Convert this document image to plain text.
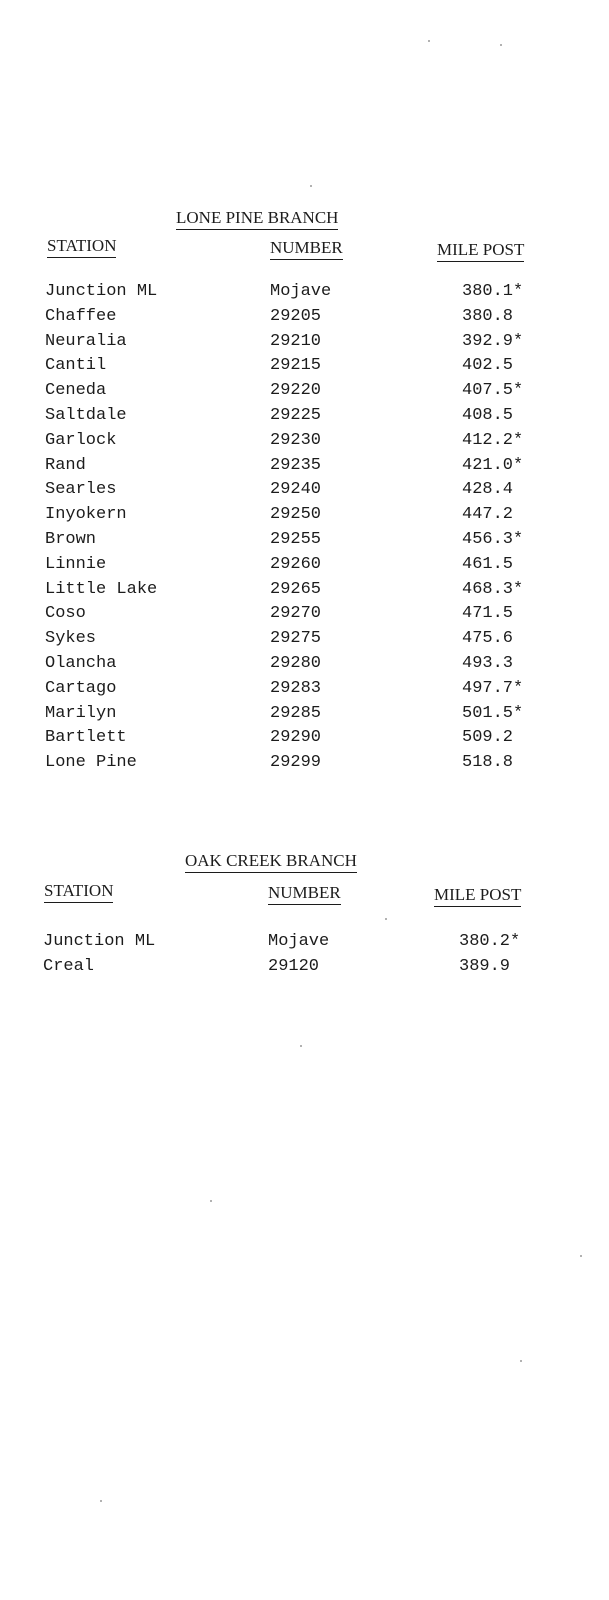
LONE PINE BRANCH
STATION	NUMBER	MILE POST
Junction ML	Mojave	380.1*
Chaffee	29205	380.8
Neuralia	29210	392.9*
Cantil	29215	402.5
Ceneda	29220	407.5*
Saltdale	29225	408.5
Garlock	29230	412.2*
Rand	29235	421.0*
Searles	29240	428.4
Inyokern	29250	447.2
Brown	29255	456.3*
Linnie	29260	461.5
Little Lake	29265	468.3*
Coso	29270	471.5
Sykes	29275	475.6
Olancha	29280	493.3
Cartago	29283	497.7*
Marilyn	29285	501.5*
Bartlett	29290	509.2
Lone Pine	29299	518.8
OAK CREEK BRANCH
STATION	NUMBER	MILE POST
Junction ML	Mojave	380.2*
Creal	29120	389.9
